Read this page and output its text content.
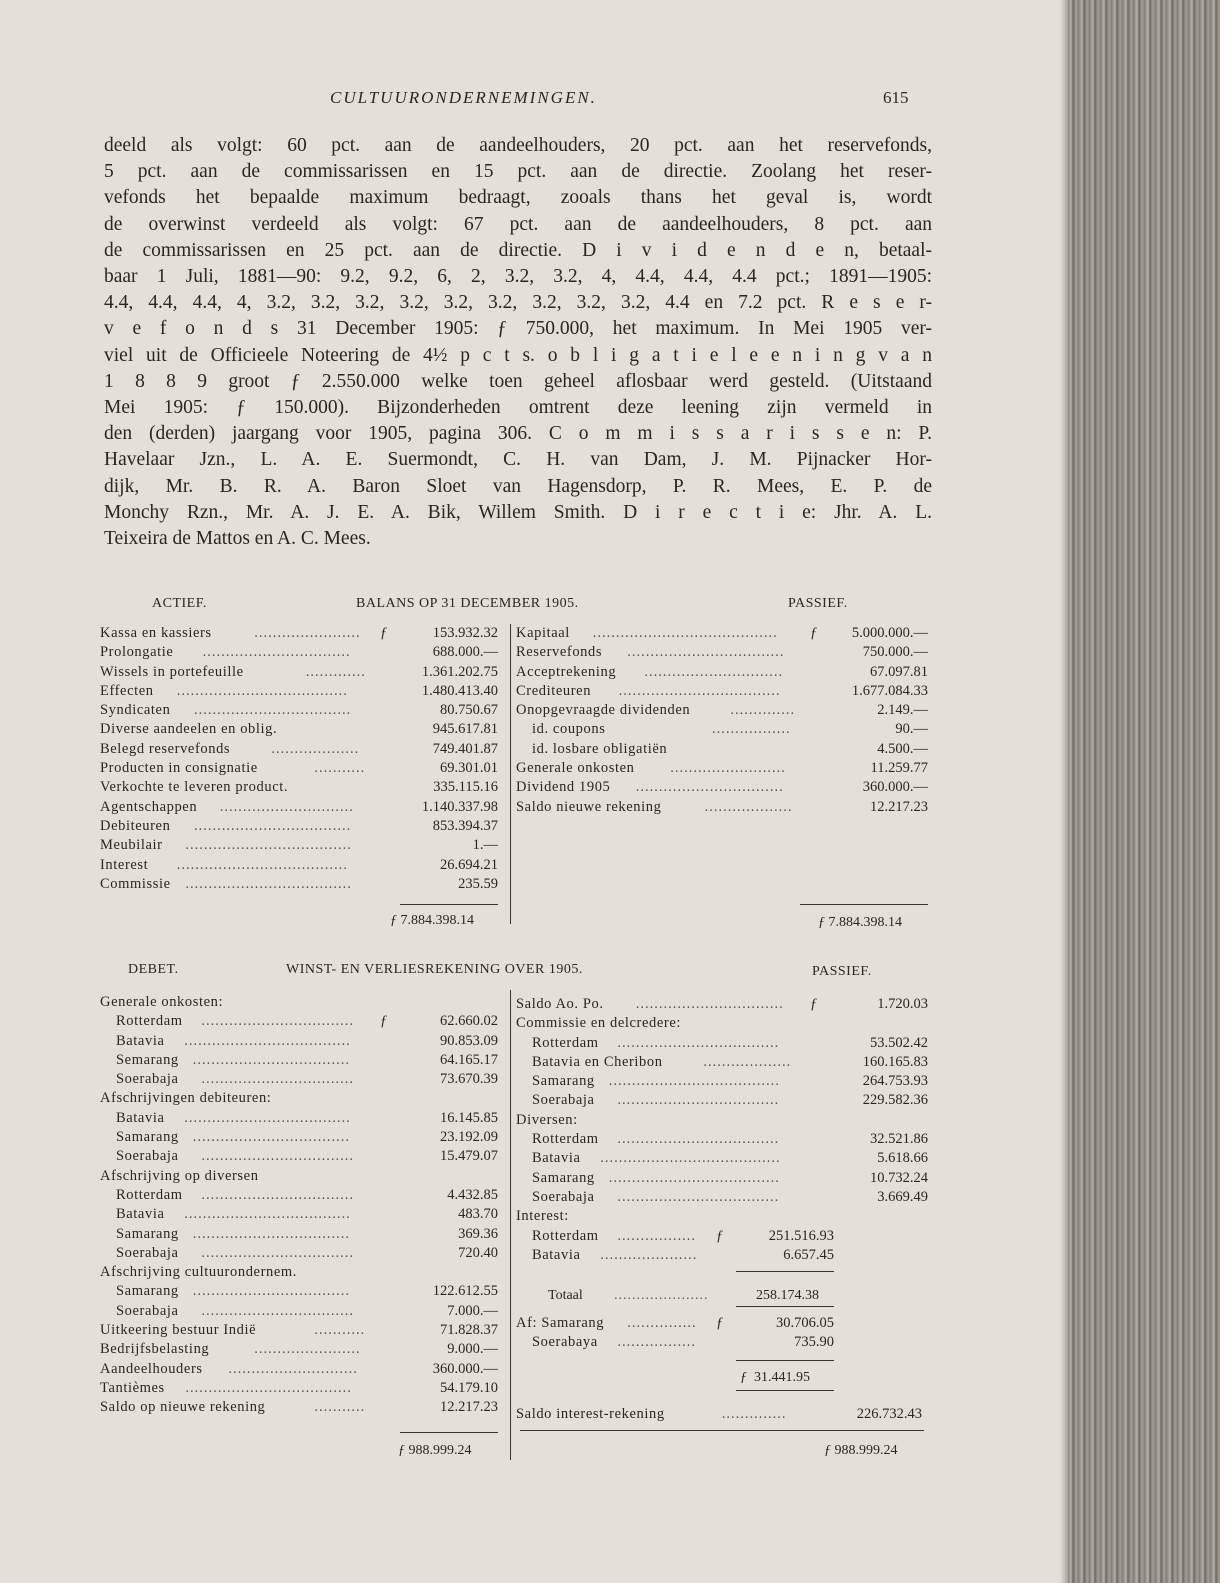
CULTUURONDERNEMINGEN.	615
deeld als volgt: 60 pct. aan de aandeelhouders, 20 pct. aan het reservefonds,
5 pct. aan de commissarissen en 15 pct. aan de directie. Zoolang het reser-
vefonds het bepaalde maximum bedraagt, zooals thans het geval is, wordt
de overwinst verdeeld als volgt: 67 pct. aan de aandeelhouders, 8 pct. aan
de commissarissen en 25 pct. aan de directie. D i v i d e n d e n, betaal-
baar 1 Juli, 1881—90: 9.2, 9.2, 6, 2, 3.2, 3.2, 4, 4.4, 4.4, 4.4 pct.; 1891—1905:
4.4, 4.4, 4.4, 4, 3.2, 3.2, 3.2, 3.2, 3.2, 3.2, 3.2, 3.2, 3.2, 4.4 en 7.2 pct. R e s e r-
v e f o n d s 31 December 1905: ƒ 750.000, het maximum. In Mei 1905 ver-
viel uit de Officieele Noteering de 4½ p c t s. o b l i g a t i e l e e n i n g v a n
1 8 8 9 groot ƒ 2.550.000 welke toen geheel aflosbaar werd gesteld. (Uitstaand
Mei 1905: ƒ 150.000). Bijzonderheden omtrent deze leening zijn vermeld in
den (derden) jaargang voor 1905, pagina 306. C o m m i s s a r i s s e n: P.
Havelaar Jzn., L. A. E. Suermondt, C. H. van Dam, J. M. Pijnacker Hor-
dijk, Mr. B. R. A. Baron Sloet van Hagensdorp, P. R. Mees, E. P. de
Monchy Rzn., Mr. A. J. E. A. Bik, Willem Smith. D i r e c t i e: Jhr. A. L.
Teixeira de Mattos en A. C. Mees.
ACTIEF.	BALANS OP 31 DECEMBER 1905.	PASSIEF.
Kassa en kassiers	.......................	ƒ	153.932.32
Prolongatie ................................	688.000.—
Wissels in portefeuille	.............	1.361.202.75
Effecten .....................................	1.480.413.40
Syndicaten ..................................	80.750.67
Diverse aandeelen en oblig.	945.617.81
Belegd reservefonds	...................	749.401.87
Producten in consignatie	...........	69.301.01
Verkochte te leveren product.	335.115.16
Agentschappen .............................	1.140.337.98
Debiteuren ..................................	853.394.37
Meubilair ....................................	1.—
Interest .....................................	26.694.21
Commissie ....................................	235.59
Kapitaal ........................................	ƒ 5.000.000.—
Reservefonds ..................................	750.000.—
Acceptrekening ..............................	67.097.81
Crediteuren ...................................	1.677.084.33
Onopgevraagde dividenden	..............	2.149.—
id. coupons	.................	90.—
id. losbare obligatiën	4.500.—
Generale onkosten .........................	11.259.77
Dividend 1905 ................................	360.000.—
Saldo nieuwe rekening	...................	12.217.23
ƒ 7.884.398.14	ƒ 7.884.398.14
DEBET.	WINST- EN VERLIESREKENING OVER 1905.	PASSIEF.
Generale onkosten:
Rotterdam .................................	ƒ	62.660.02
Batavia ....................................	90.853.09
Semarang ..................................	64.165.17
Soerabaja .................................	73.670.39
Afschrijvingen debiteuren:
Batavia ....................................	16.145.85
Samarang ..................................	23.192.09
Soerabaja .................................	15.479.07
Afschrijving op diversen
Rotterdam .................................	4.432.85
Batavia ....................................	483.70
Samarang ..................................	369.36
Soerabaja .................................	720.40
Afschrijving cultuurondernem.
Samarang ..................................	122.612.55
Soerabaja .................................	7.000.—
Uitkeering bestuur Indië	...........	71.828.37
Bedrijfsbelasting	.......................	9.000.—
Aandeelhouders ............................	360.000.—
Tantièmes ....................................	54.179.10
Saldo op nieuwe rekening	...........	12.217.23
Saldo Ao. Po. ................................	ƒ	1.720.03
Commissie en delcredere:
Rotterdam ...................................	53.502.42
Batavia en Cheribon	...................	160.165.83
Samarang .....................................	264.753.93
Soerabaja ...................................	229.582.36
Diversen:
Rotterdam ...................................	32.521.86
Batavia .......................................	5.618.66
Samarang .....................................	10.732.24
Soerabaja ...................................	3.669.49
Interest:
Rotterdam .................	ƒ	251.516.93
Batavia .....................	6.657.45
Totaal .....................	258.174.38
Af: Samarang ...............	ƒ	30.706.05
Soerabaya .................	735.90
ƒ 31.441.95
Saldo interest-rekening	..............	226.732.43
ƒ 988.999.24	ƒ 988.999.24
